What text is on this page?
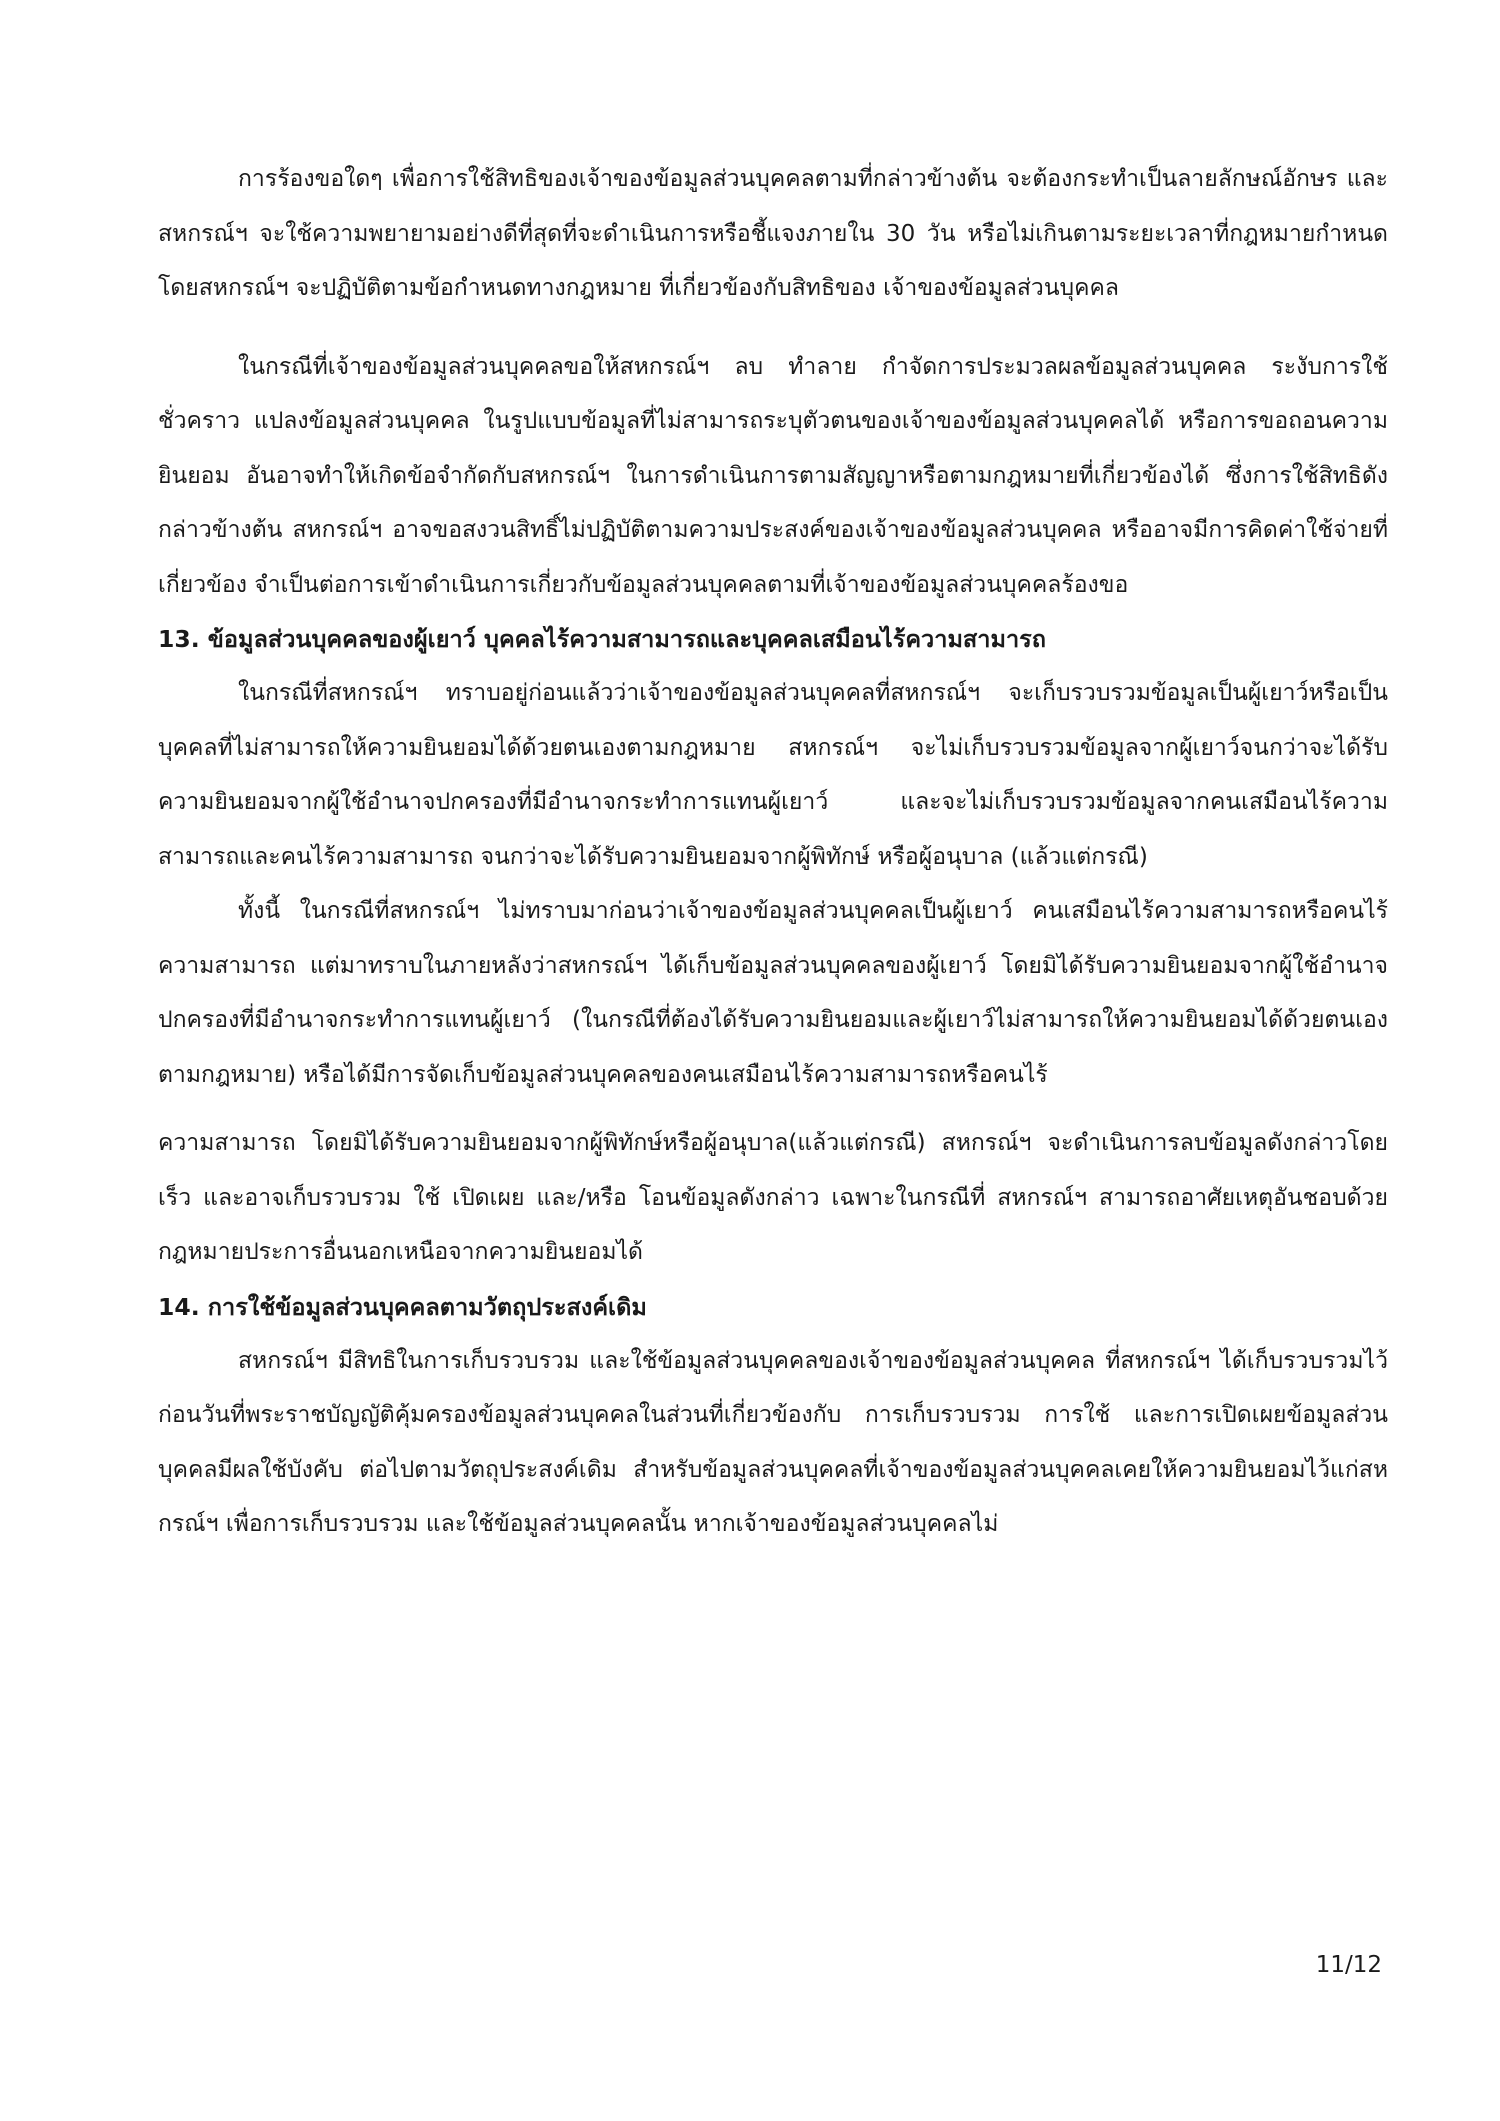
การร้องขอใดๆ เพื่อการใช้สิทธิของเจ้าของข้อมูลส่วนบุคคลตามที่กล่าวข้างต้น จะต้องกระทำเป็นลายลักษณ์อักษร และสหกรณ์ฯ จะใช้ความพยายามอย่างดีที่สุดที่จะดำเนินการหรือชี้แจงภายใน 30 วัน หรือไม่เกินตามระยะเวลาที่กฎหมายกำหนด โดยสหกรณ์ฯ จะปฏิบัติตามข้อกำหนดทางกฎหมาย ที่เกี่ยวข้องกับสิทธิของ เจ้าของข้อมูลส่วนบุคคล

ในกรณีที่เจ้าของข้อมูลส่วนบุคคลขอให้สหกรณ์ฯ ลบ ทำลาย กำจัดการประมวลผลข้อมูลส่วนบุคคล ระงับการใช้ชั่วคราว แปลงข้อมูลส่วนบุคคล ในรูปแบบข้อมูลที่ไม่สามารถระบุตัวตนของเจ้าของข้อมูลส่วนบุคคลได้ หรือการขอถอนความยินยอม อันอาจทำให้เกิดข้อจำกัดกับสหกรณ์ฯ ในการดำเนินการตามสัญญาหรือตามกฎหมายที่เกี่ยวข้องได้ ซึ่งการใช้สิทธิดังกล่าวข้างต้น สหกรณ์ฯ อาจขอสงวนสิทธิ์ไม่ปฏิบัติตามความประสงค์ของเจ้าของข้อมูลส่วนบุคคล หรืออาจมีการคิดค่าใช้จ่ายที่เกี่ยวข้อง จำเป็นต่อการเข้าดำเนินการเกี่ยวกับข้อมูลส่วนบุคคลตามที่เจ้าของข้อมูลส่วนบุคคลร้องขอ

13. ข้อมูลส่วนบุคคลของผู้เยาว์ บุคคลไร้ความสามารถและบุคคลเสมือนไร้ความสามารถ

ในกรณีที่สหกรณ์ฯ ทราบอยู่ก่อนแล้วว่าเจ้าของข้อมูลส่วนบุคคลที่สหกรณ์ฯ จะเก็บรวบรวมข้อมูลเป็นผู้เยาว์หรือเป็นบุคคลที่ไม่สามารถให้ความยินยอมได้ด้วยตนเองตามกฎหมาย สหกรณ์ฯ จะไม่เก็บรวบรวมข้อมูลจากผู้เยาว์จนกว่าจะได้รับความยินยอมจากผู้ใช้อำนาจปกครองที่มีอำนาจกระทำการแทนผู้เยาว์ และจะไม่เก็บรวบรวมข้อมูลจากคนเสมือนไร้ความสามารถและคนไร้ความสามารถ จนกว่าจะได้รับความยินยอมจากผู้พิทักษ์ หรือผู้อนุบาล (แล้วแต่กรณี)

ทั้งนี้ ในกรณีที่สหกรณ์ฯ ไม่ทราบมาก่อนว่าเจ้าของข้อมูลส่วนบุคคลเป็นผู้เยาว์ คนเสมือนไร้ความสามารถหรือคนไร้ความสามารถ แต่มาทราบในภายหลังว่าสหกรณ์ฯ ได้เก็บข้อมูลส่วนบุคคลของผู้เยาว์ โดยมิได้รับความยินยอมจากผู้ใช้อำนาจปกครองที่มีอำนาจกระทำการแทนผู้เยาว์ (ในกรณีที่ต้องได้รับความยินยอมและผู้เยาว์ไม่สามารถให้ความยินยอมได้ด้วยตนเองตามกฎหมาย) หรือได้มีการจัดเก็บข้อมูลส่วนบุคคลของคนเสมือนไร้ความสามารถหรือคนไร้

ความสามารถ โดยมิได้รับความยินยอมจากผู้พิทักษ์หรือผู้อนุบาล(แล้วแต่กรณี) สหกรณ์ฯ จะดำเนินการลบข้อมูลดังกล่าวโดยเร็ว และอาจเก็บรวบรวม ใช้ เปิดเผย และ/หรือ โอนข้อมูลดังกล่าว เฉพาะในกรณีที่ สหกรณ์ฯ สามารถอาศัยเหตุอันชอบด้วยกฎหมายประการอื่นนอกเหนือจากความยินยอมได้

14. การใช้ข้อมูลส่วนบุคคลตามวัตถุประสงค์เดิม

สหกรณ์ฯ มีสิทธิในการเก็บรวบรวม และใช้ข้อมูลส่วนบุคคลของเจ้าของข้อมูลส่วนบุคคล ที่สหกรณ์ฯ ได้เก็บรวบรวมไว้ ก่อนวันที่พระราชบัญญัติคุ้มครองข้อมูลส่วนบุคคลในส่วนที่เกี่ยวข้องกับ การเก็บรวบรวม การใช้ และการเปิดเผยข้อมูลส่วนบุคคลมีผลใช้บังคับ ต่อไปตามวัตถุประสงค์เดิม สำหรับข้อมูลส่วนบุคคลที่เจ้าของข้อมูลส่วนบุคคลเคยให้ความยินยอมไว้แก่สหกรณ์ฯ เพื่อการเก็บรวบรวม และใช้ข้อมูลส่วนบุคคลนั้น หากเจ้าของข้อมูลส่วนบุคคลไม่

11/12
